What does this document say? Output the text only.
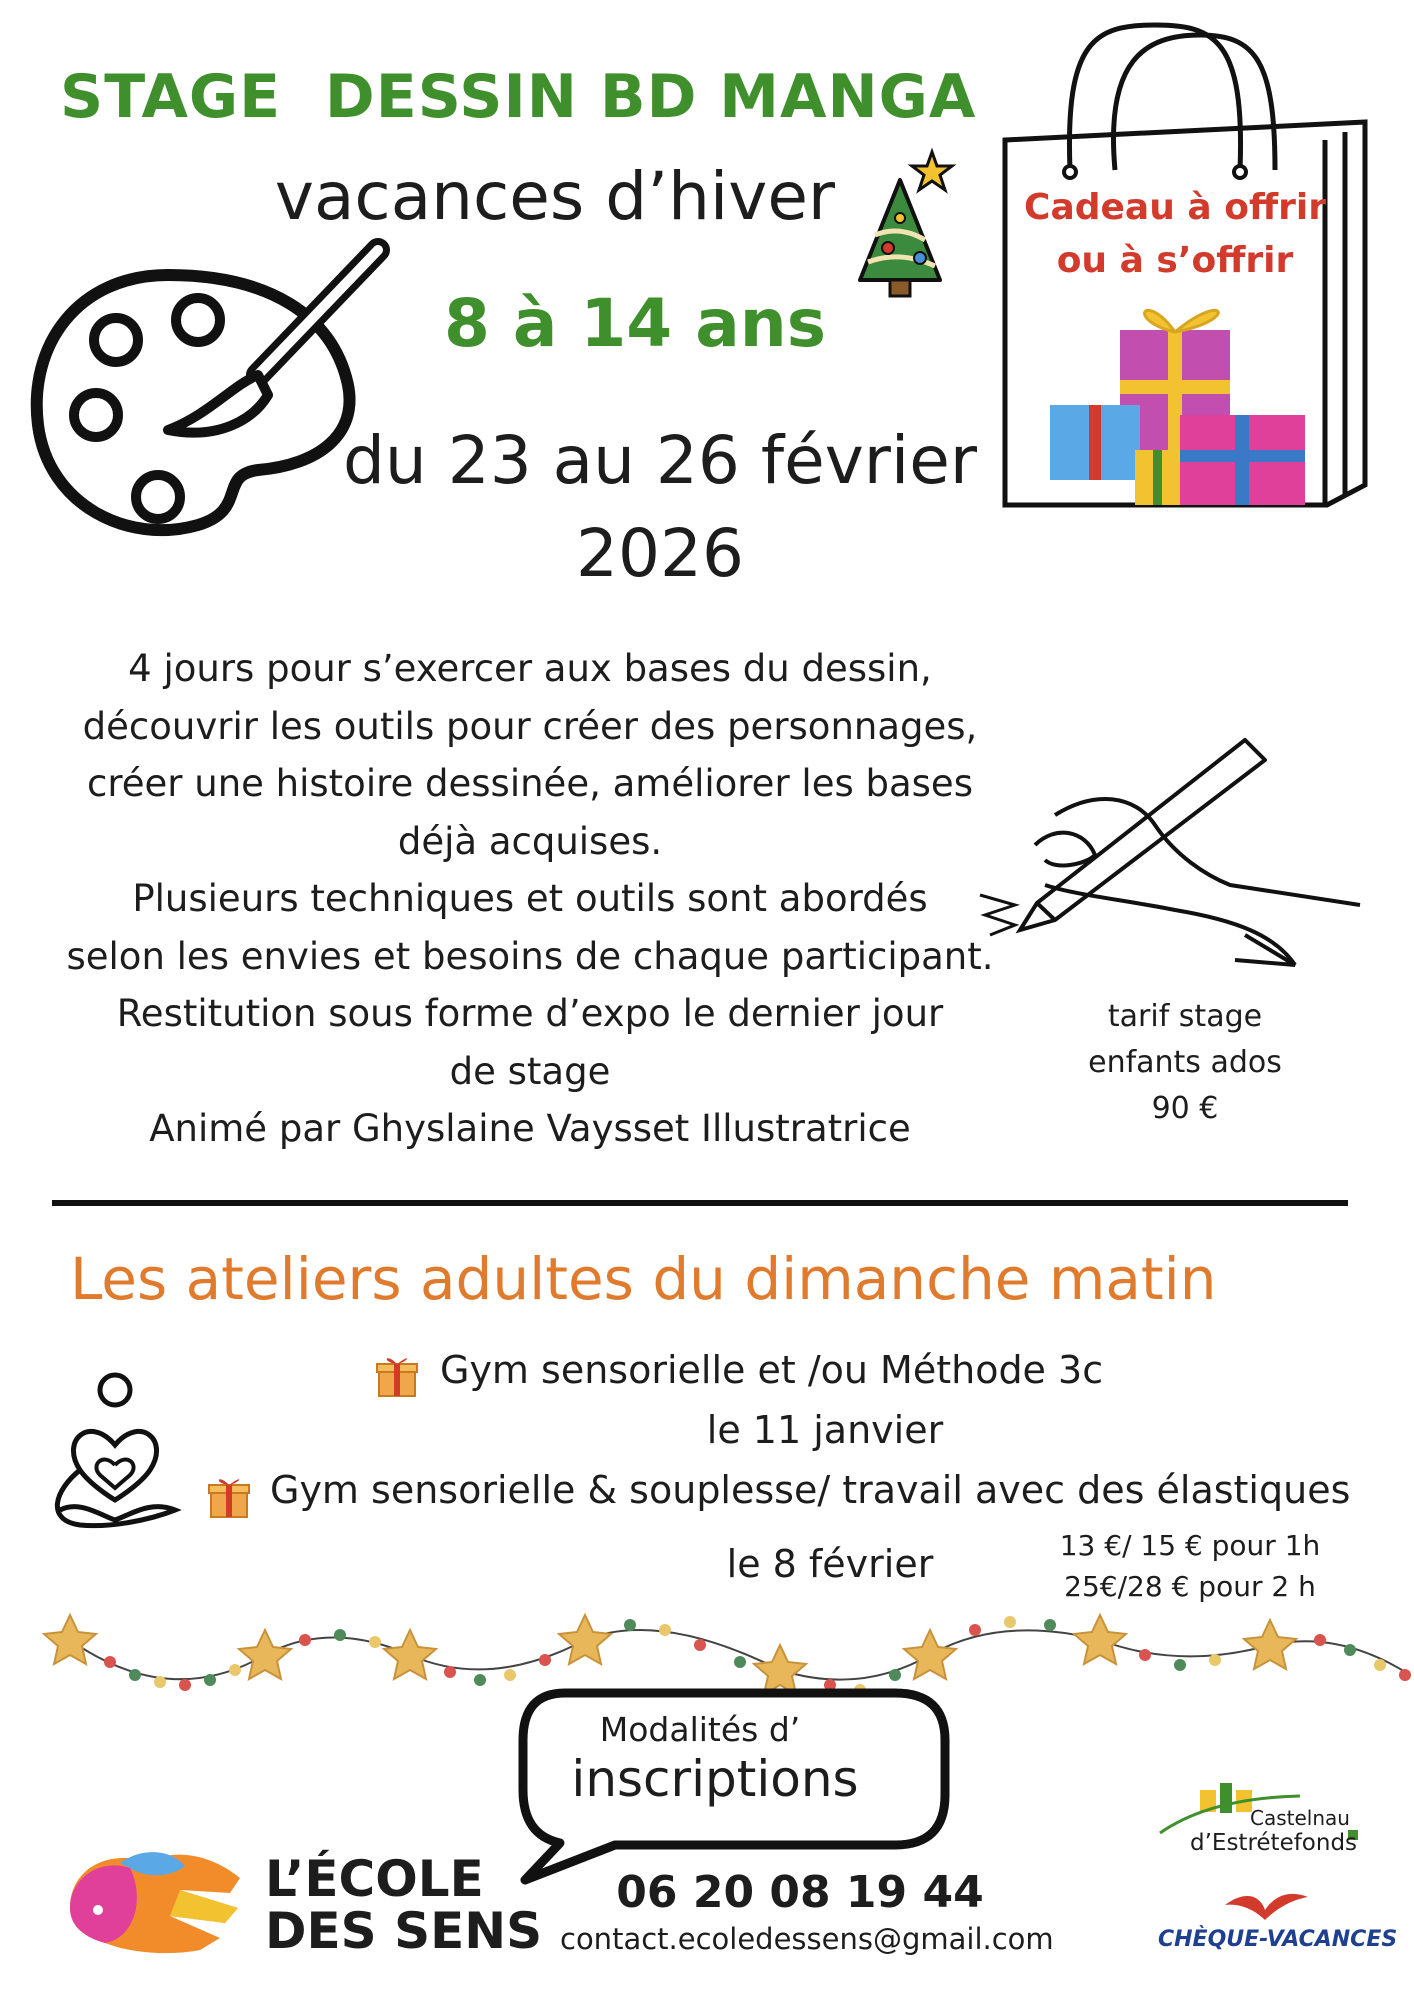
STAGE  DESSIN BD MANGA
vacances d’hiver
8 à 14 ans
du 23 au 26 février
2026
Cadeau à offrir
ou à s’offrir
4 jours pour s’exercer aux bases du dessin,
découvrir les outils pour créer des personnages,
créer une histoire dessinée, améliorer les bases
déjà acquises.
Plusieurs techniques et outils sont abordés
selon les envies et besoins de chaque participant.
Restitution sous forme d’expo le dernier jour
de stage
Animé par Ghyslaine Vaysset Illustratrice
tarif stage
enfants ados
90 €
Les ateliers adultes du dimanche matin
Gym sensorielle et /ou Méthode 3c
le 11 janvier
Gym sensorielle & souplesse/ travail avec des élastiques
le 8 février	13 €/ 15 € pour 1h
25€/28 € pour 2 h
Modalités d’
inscriptions
06 20 08 19 44
contact.ecoledessens@gmail.com
L’ÉCOLE
DES SENS
Castelnau
d’Estrétefonds
CHÈQUE-VACANCES
